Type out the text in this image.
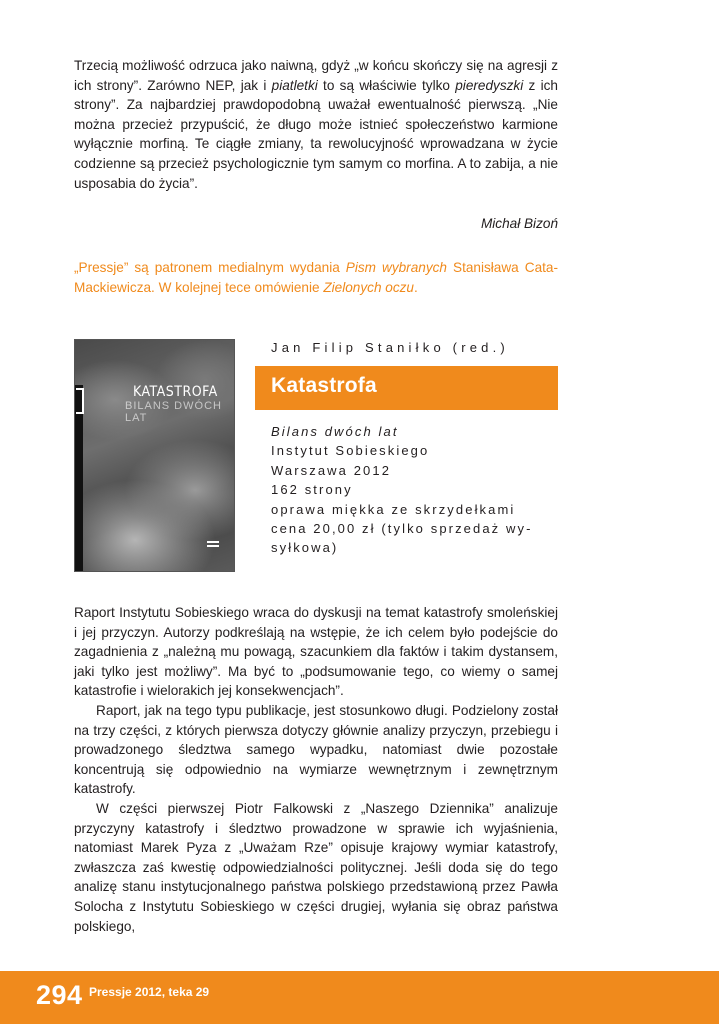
Trzecią możliwość odrzuca jako naiwną, gdyż „w końcu skończy się na agresji z ich strony”. Zarówno NEP, jak i piatletki to są właściwie tylko pieredyszki z ich strony”. Za najbardziej prawdopodobną uważał ewentualność pierwszą. „Nie można przecież przypuścić, że długo może istnieć społeczeństwo karmione wyłącznie morfiną. Te ciągłe zmiany, ta rewolucyjność wprowadzana w życie codzienne są przecież psychologicznie tym samym co morfina. A to zabija, a nie usposabia do życia”.

Michał Bizoń

„Pressje” są patronem medialnym wydania Pism wybranych Stanisława Cata-Mackiewicza. W kolejnej tece omówienie Zielonych oczu.

KATASTROFA
BILANS DWÓCH LAT
Jan Filip Staniłko (red.)
Katastrofa
Bilans dwóch lat
Instytut Sobieskiego
Warszawa 2012
162 strony
oprawa miękka ze skrzydełkami
cena 20,00 zł (tylko sprzedaż wy-
syłkowa)

Raport Instytutu Sobieskiego wraca do dyskusji na temat katastrofy smoleńskiej i jej przyczyn. Autorzy podkreślają na wstępie, że ich celem było podejście do zagadnienia z „należną mu powagą, szacunkiem dla faktów i takim dystansem, jaki tylko jest możliwy”. Ma być to „podsumowanie tego, co wiemy o samej katastrofie i wielorakich jej konsekwencjach”.

Raport, jak na tego typu publikacje, jest stosunkowo długi. Podzielony został na trzy części, z których pierwsza dotyczy głównie analizy przyczyn, przebiegu i prowadzonego śledztwa samego wypadku, natomiast dwie pozostałe koncentrują się odpowiednio na wymiarze wewnętrznym i zewnętrznym katastrofy.

W części pierwszej Piotr Falkowski z „Naszego Dziennika” analizuje przyczyny katastrofy i śledztwo prowadzone w sprawie ich wyjaśnienia, natomiast Marek Pyza z „Uważam Rze” opisuje krajowy wymiar katastrofy, zwłaszcza zaś kwestię odpowiedzialności politycznej. Jeśli doda się do tego analizę stanu instytucjonalnego państwa polskiego przedstawioną przez Pawła Solocha z Instytutu Sobieskiego w części drugiej, wyłania się obraz państwa polskiego,

294 Pressje 2012, teka 29
